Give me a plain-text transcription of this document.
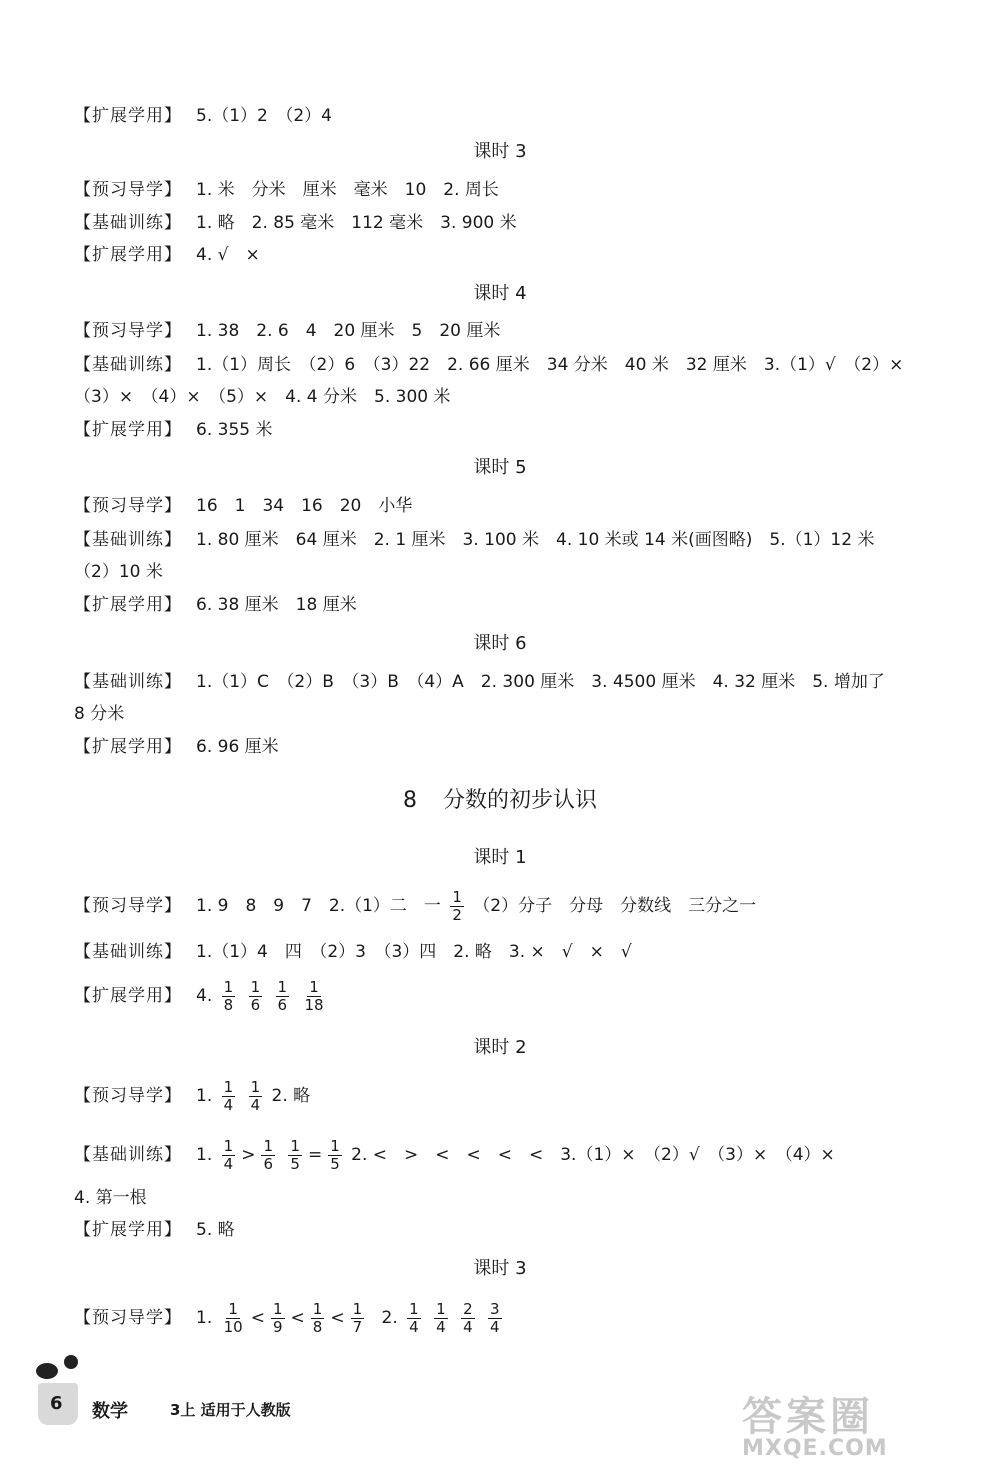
【扩展学用】 5.（1）2　（2）4
课时 3
【预习导学】 1. 米　分米　厘米　毫米　10　2. 周长
【基础训练】 1. 略　2. 85 毫米　112 毫米　3. 900 米
【扩展学用】 4. √　×
课时 4
【预习导学】 1. 38　2. 6　4　20 厘米　5　20 厘米
【基础训练】 1.（1）周长　（2）6　（3）22　2. 66 厘米　34 分米　40 米　32 厘米　3.（1）√　（2）×
（3）×　（4）×　（5）×　4. 4 分米　5. 300 米
【扩展学用】 6. 355 米
课时 5
【预习导学】 16　1　34　16　20　小华
【基础训练】 1. 80 厘米　64 厘米　2. 1 厘米　3. 100 米　4. 10 米或 14 米(画图略)　5.（1）12 米
（2）10 米
【扩展学用】 6. 38 厘米　18 厘米
课时 6
【基础训练】 1.（1）C　（2）B　（3）B　（4）A　2. 300 厘米　3. 4500 厘米　4. 32 厘米　5. 增加了
8 分米
【扩展学用】 6. 96 厘米
8 分数的初步认识
课时 1
【预习导学】 1. 9　8　9　7　2.（1）二　一 $\frac{1}{2} (2)$分子　分母　分数线　三分之一
【基础训练】 1.（1）4　四　（2）3　（3）四　2. 略　3. ×　√　×　√
【扩展学用】 4. $\frac{1}{8}$
$\frac{1}{6}$
$\frac{1}{6}$
$\frac{1}{18}$
课时 2
【预习导学】 1. $\frac{1}{4}$
$\frac{1}{4} 2$. 略
【基础训练】 1. $\frac{1}{4} > \frac{1}{6}$
$\frac{1}{5} = \frac{1}{5} 2$. <　>　<　<　<　<　3.（1）×　（2）√　（3）×　（4）×
4. 第一根
【扩展学用】 5. 略
课时 3
【预习导学】 1. $\frac{1}{10} < \frac{1}{9} < \frac{1}{8} < \frac{1}{7} 2$. $\frac{1}{4}$
$\frac{1}{4}$
$\frac{2}{4}$
$\frac{3}{4}$
6 数学	3上 适用于人教版	答案圈
MXQE.COM
